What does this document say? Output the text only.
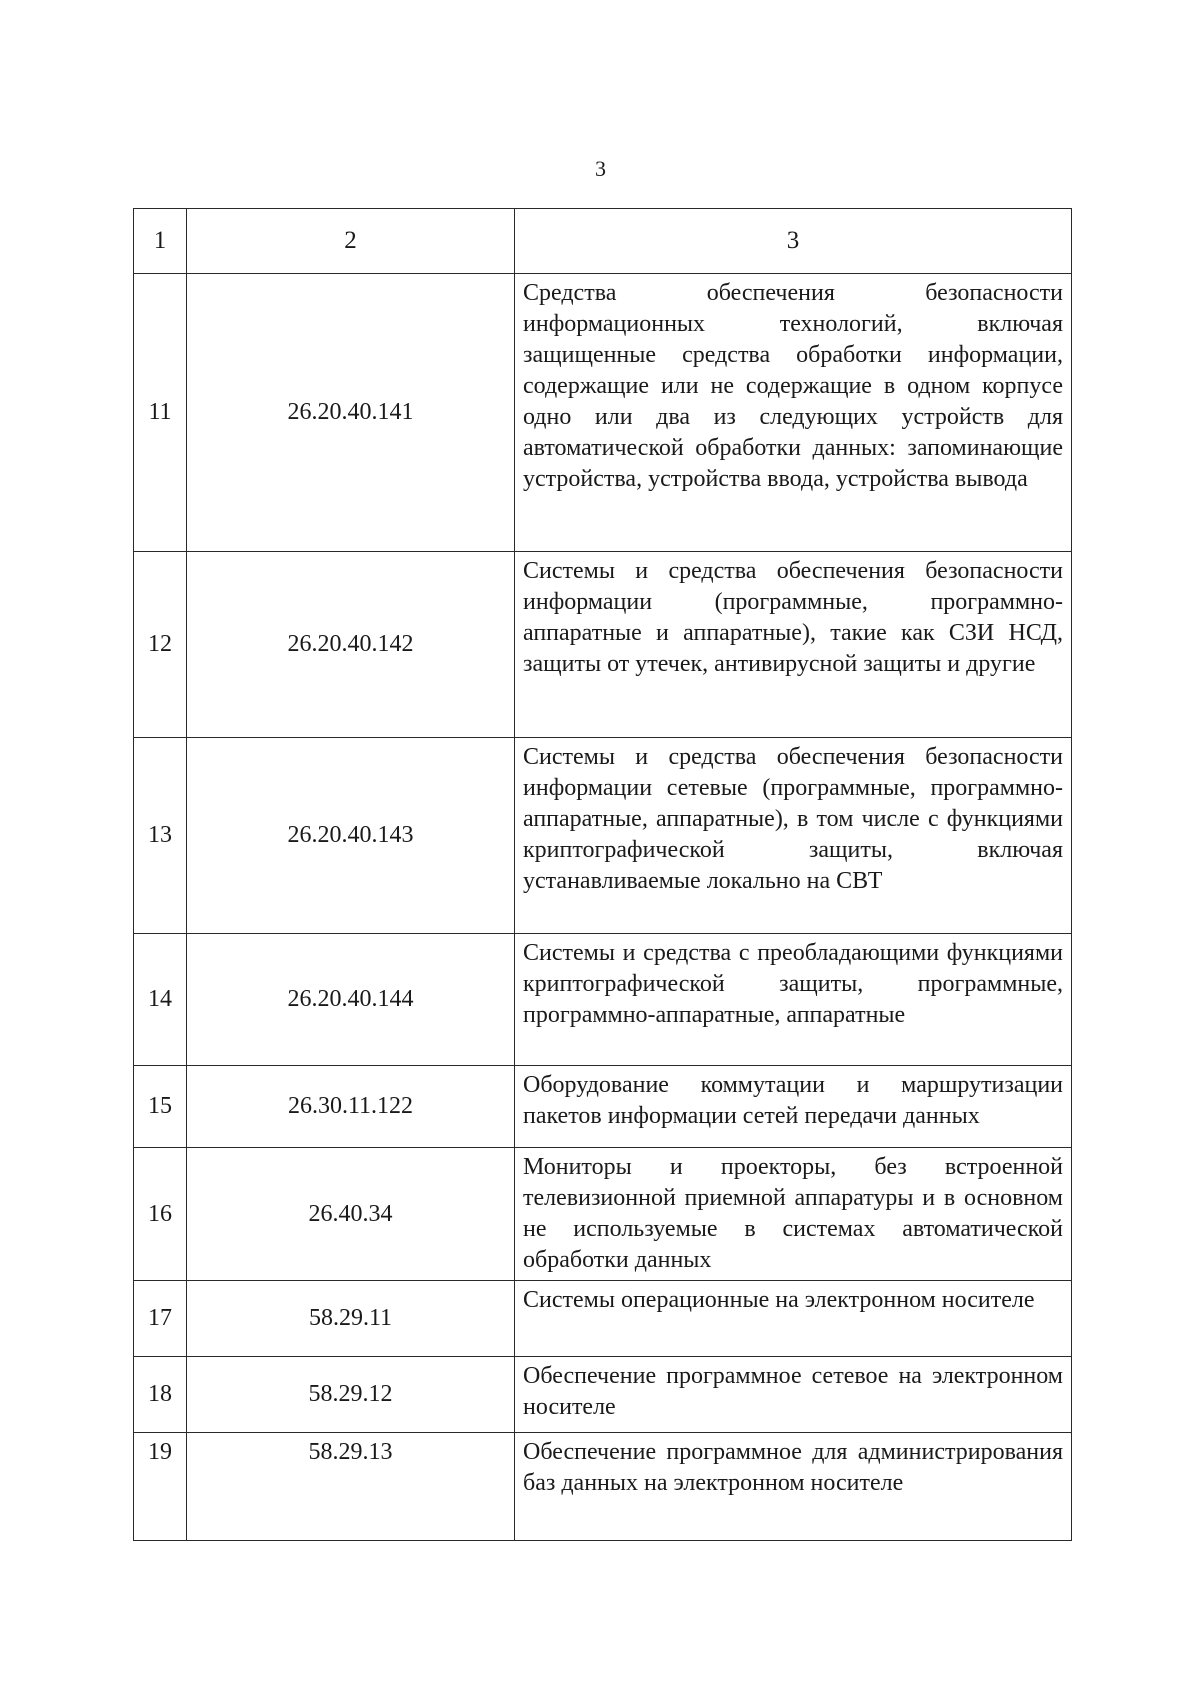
3
1	2	3
11	26.20.40.141	Средства обеспечения безопасности информационных технологий, включая защищенные средства обработки информации, содержащие или не содержащие в одном корпусе одно или два из следующих устройств для автоматической обработки данных: запоминающие устройства, устройства ввода, устройства вывода
12	26.20.40.142	Системы и средства обеспечения безопасности информации (программные, программно-аппаратные и аппаратные), такие как СЗИ НСД, защиты от утечек, антивирусной защиты и другие
13	26.20.40.143	Системы и средства обеспечения безопасности информации сетевые (программные, программно-аппаратные, аппаратные), в том числе с функциями криптографической защиты, включая устанавливаемые локально на СВТ
14	26.20.40.144	Системы и средства с преобладающими функциями криптографической защиты, программные, программно-аппаратные, аппаратные
15	26.30.11.122	Оборудование коммутации и маршрутизации пакетов информации сетей передачи данных
16	26.40.34	Мониторы и проекторы, без встроенной телевизионной приемной аппаратуры и в основном не используемые в системах автоматической обработки данных
17	58.29.11	Системы операционные на электронном носителе
18	58.29.12	Обеспечение программное сетевое на электронном носителе
19	58.29.13	Обеспечение программное для администрирования баз данных на электронном носителе
